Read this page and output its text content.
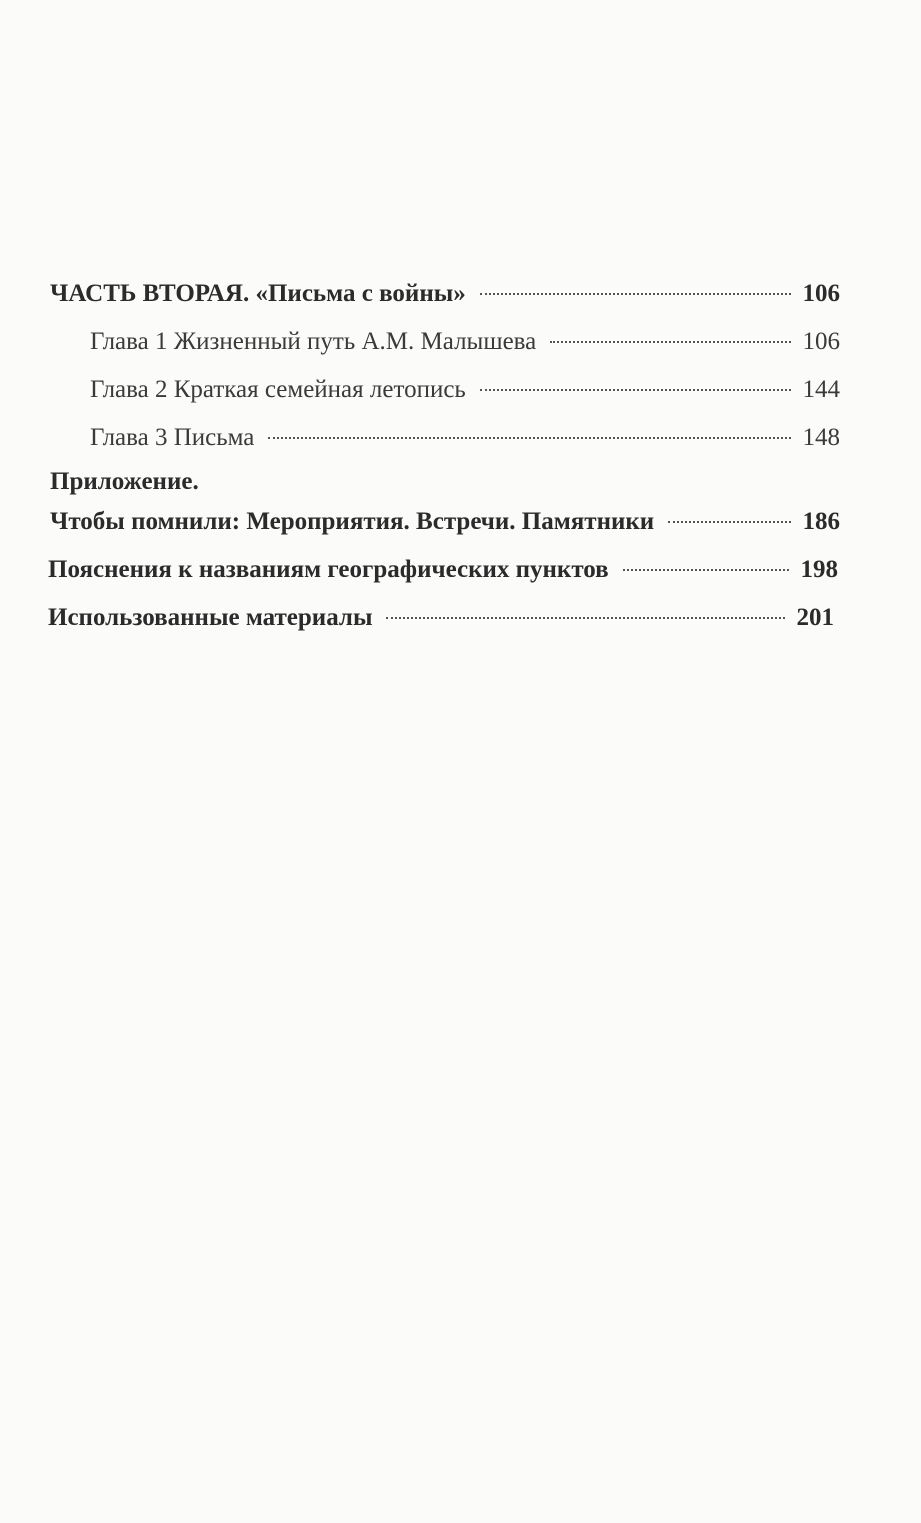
ЧАСТЬ ВТОРАЯ. «Письма с войны»	106
Глава 1 Жизненный путь А.М. Малышева	106
Глава 2 Краткая семейная летопись	144
Глава 3 Письма	148
Приложение.
Чтобы помнили: Мероприятия. Встречи. Памятники	186
Пояснения к названиям географических пунктов	198
Использованные материалы	201
